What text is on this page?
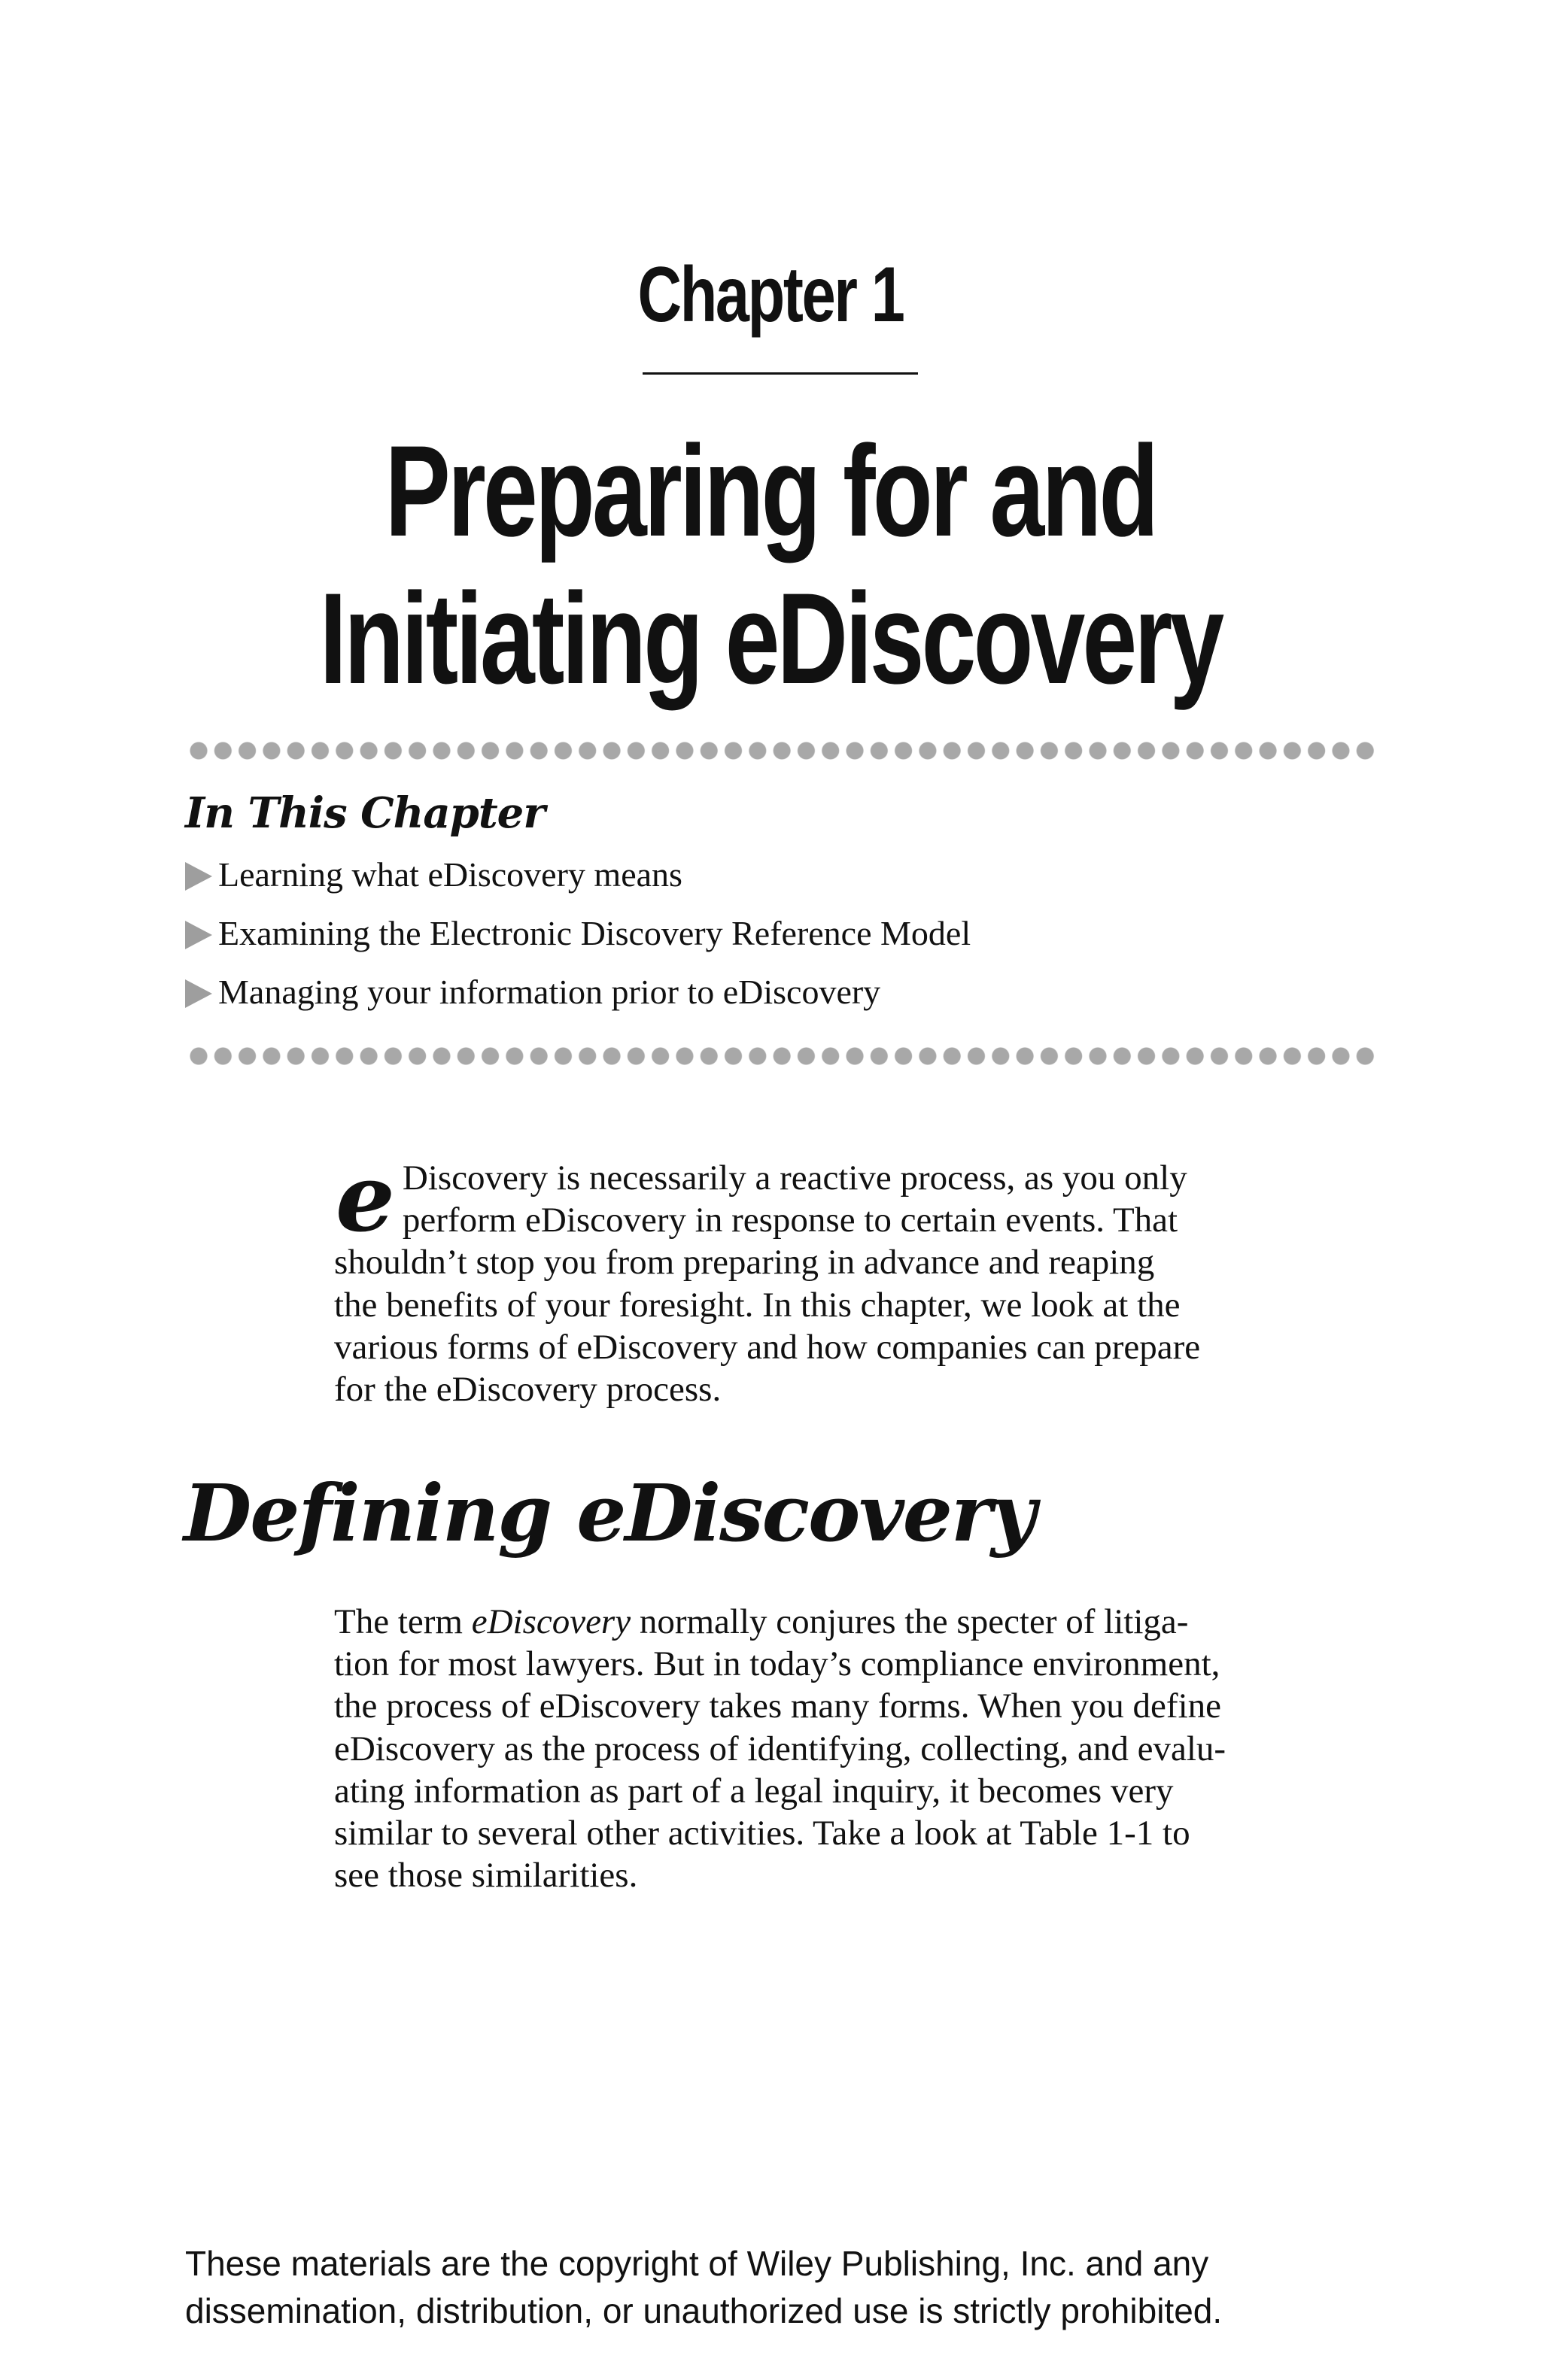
Chapter 1
Preparing for and
Initiating eDiscovery
In This Chapter
Learning what eDiscovery means
Examining the Electronic Discovery Reference Model
Managing your information prior to eDiscovery
e Discovery is necessarily a reactive process, as you only
perform eDiscovery in response to certain events. That
shouldn’t stop you from preparing in advance and reaping
the benefits of your foresight. In this chapter, we look at the
various forms of eDiscovery and how companies can prepare
for the eDiscovery process.
Defining eDiscovery
The term eDiscovery normally conjures the specter of litiga-
tion for most lawyers. But in today’s compliance environment,
the process of eDiscovery takes many forms. When you define
eDiscovery as the process of identifying, collecting, and evalu-
ating information as part of a legal inquiry, it becomes very
similar to several other activities. Take a look at Table 1-1 to
see those similarities.
These materials are the copyright of Wiley Publishing, Inc. and any
dissemination, distribution, or unauthorized use is strictly prohibited.
